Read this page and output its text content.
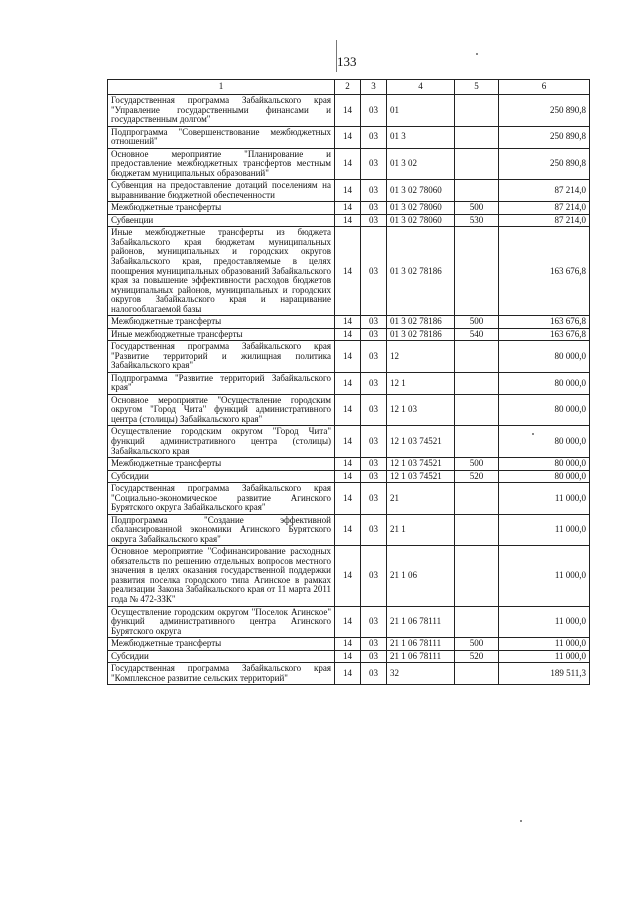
133
1	2	3	4	5	6
Государственная программа Забайкальского края "Управление государственными финансами и государственным долгом"	14	03	01		250 890,8
Подпрограмма "Совершенствование межбюджетных отношений"	14	03	01 3		250 890,8
Основное мероприятие "Планирование и предоставление межбюджетных трансфертов местным бюджетам муниципальных образований"	14	03	01 3 02		250 890,8
Субвенция на предоставление дотаций поселениям на выравнивание бюджетной обеспеченности	14	03	01 3 02 78060		87 214,0
Межбюджетные трансферты	14	03	01 3 02 78060	500	87 214,0
Субвенции	14	03	01 3 02 78060	530	87 214,0
Иные межбюджетные трансферты из бюджета Забайкальского края бюджетам муниципальных районов, муниципальных и городских округов Забайкальского края, предоставляемые в целях поощрения муниципальных образований Забайкальского края за повышение эффективности расходов бюджетов муниципальных районов, муниципальных и городских округов Забайкальского края и наращивание налогооблагаемой базы	14	03	01 3 02 78186		163 676,8
Межбюджетные трансферты	14	03	01 3 02 78186	500	163 676,8
Иные межбюджетные трансферты	14	03	01 3 02 78186	540	163 676,8
Государственная программа Забайкальского края "Развитие территорий и жилищная политика Забайкальского края"	14	03	12		80 000,0
Подпрограмма "Развитие территорий Забайкальского края"	14	03	12 1		80 000,0
Основное мероприятие "Осуществление городским округом "Город Чита" функций административного центра (столицы) Забайкальского края"	14	03	12 1 03		80 000,0
Осуществление городским округом "Город Чита" функций административного центра (столицы) Забайкальского края	14	03	12 1 03 74521		80 000,0
Межбюджетные трансферты	14	03	12 1 03 74521	500	80 000,0
Субсидии	14	03	12 1 03 74521	520	80 000,0
Государственная программа Забайкальского края "Социально-экономическое развитие Агинского Бурятского округа Забайкальского края"	14	03	21		11 000,0
Подпрограмма "Создание эффективной сбалансированной экономики Агинского Бурятского округа Забайкальского края"	14	03	21 1		11 000,0
Основное мероприятие "Софинансирование расходных обязательств по решению отдельных вопросов местного значения в целях оказания государственной поддержки развития поселка городского типа Агинское в рамках реализации Закона Забайкальского края от 11 марта 2011 года № 472-ЗЗК"	14	03	21 1 06		11 000,0
Осуществление городским округом "Поселок Агинское" функций административного центра Агинского Бурятского округа	14	03	21 1 06 78111		11 000,0
Межбюджетные трансферты	14	03	21 1 06 78111	500	11 000,0
Субсидии	14	03	21 1 06 78111	520	11 000,0
Государственная программа Забайкальского края "Комплексное развитие сельских территорий"	14	03	32		189 511,3
